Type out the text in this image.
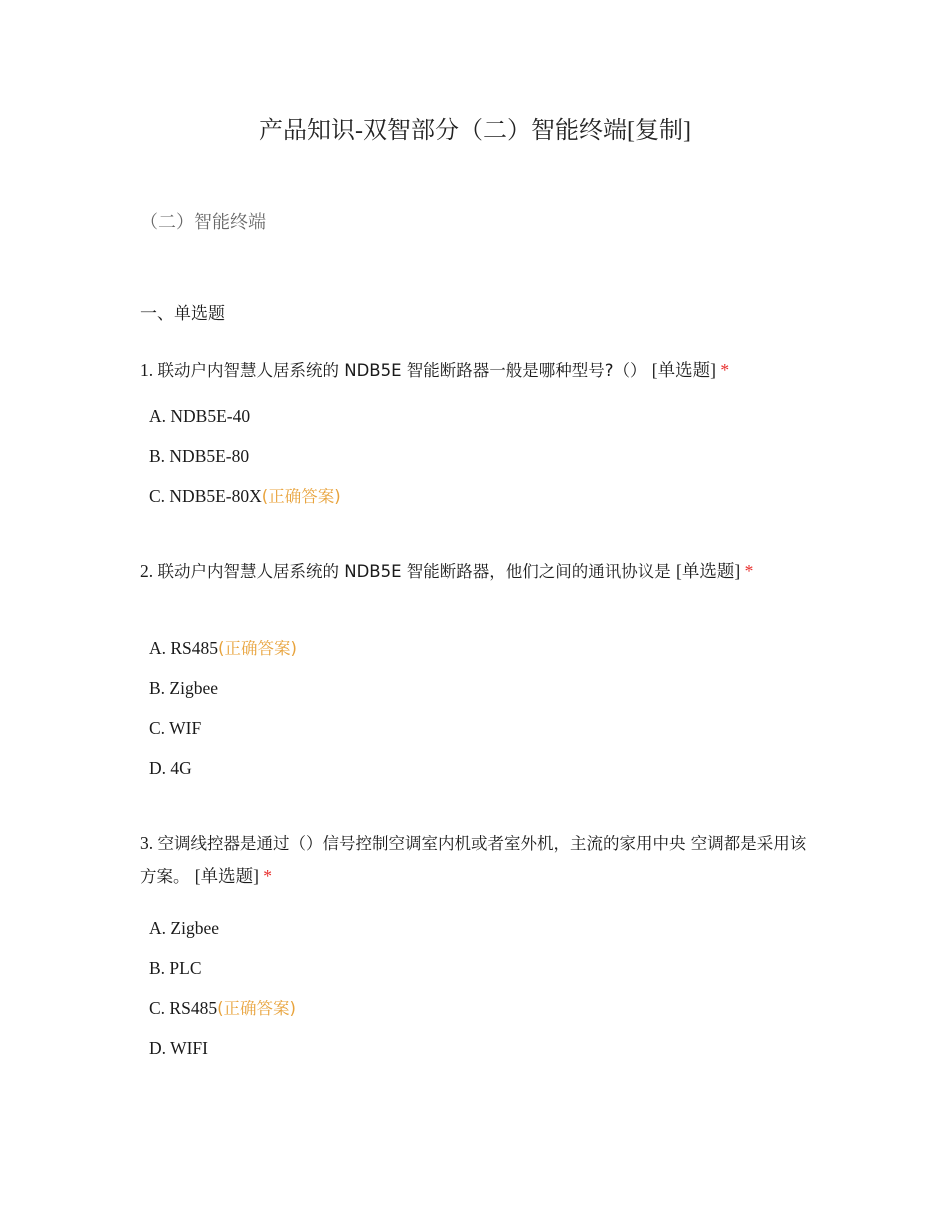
产品知识-双智部分（二）智能终端[复制]
（二）智能终端
一、单选题
1. 联动户内智慧人居系统的 NDB5E 智能断路器一般是哪种型号?（） [单选题] *
A. NDB5E-40
B. NDB5E-80
C. NDB5E-80X(正确答案)
2. 联动户内智慧人居系统的 NDB5E 智能断路器，他们之间的通讯协议是 [单选题] *
A. RS485(正确答案)
B. Zigbee
C. WIF
D. 4G
3. 空调线控器是通过（）信号控制空调室内机或者室外机，主流的家用中央 空调都是采用该方案。 [单选题] *
A. Zigbee
B. PLC
C. RS485(正确答案)
D. WIFI
